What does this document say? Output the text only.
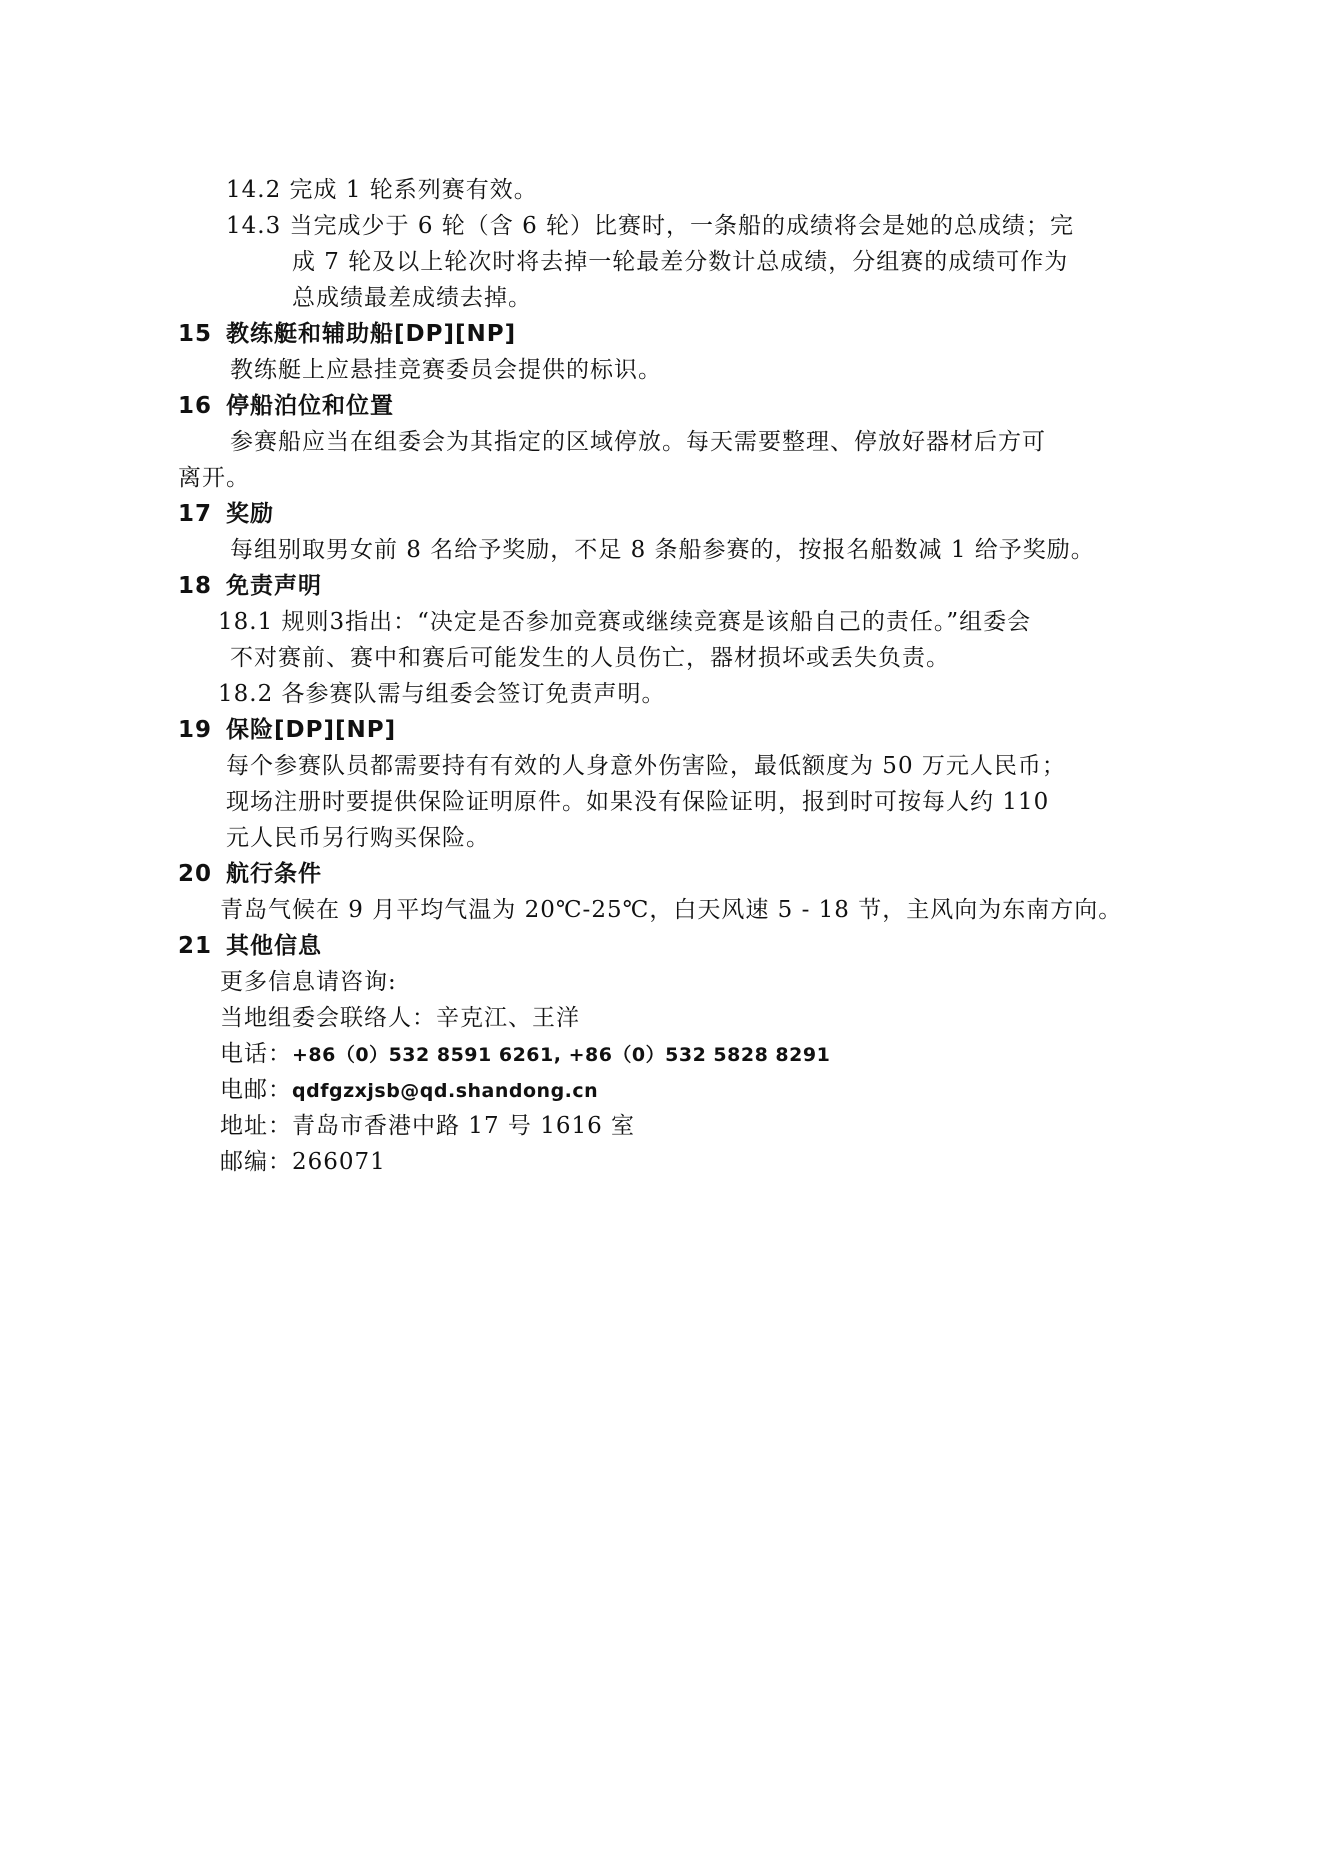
14.2 完成 1 轮系列赛有效。
14.3 当完成少于 6 轮（含 6 轮）比赛时，一条船的成绩将会是她的总成绩；完
成 7 轮及以上轮次时将去掉一轮最差分数计总成绩，分组赛的成绩可作为
总成绩最差成绩去掉。
15 教练艇和辅助船[DP][NP]
教练艇上应悬挂竞赛委员会提供的标识。
16 停船泊位和位置
参赛船应当在组委会为其指定的区域停放。每天需要整理、停放好器材后方可
离开。
17 奖励
每组别取男女前 8 名给予奖励，不足 8 条船参赛的，按报名船数减 1 给予奖励。
18 免责声明
18.1 规则3指出：“决定是否参加竞赛或继续竞赛是该船自己的责任。”组委会
不对赛前、赛中和赛后可能发生的人员伤亡，器材损坏或丢失负责。
18.2 各参赛队需与组委会签订免责声明。
19 保险[DP][NP]
每个参赛队员都需要持有有效的人身意外伤害险，最低额度为 50 万元人民币；
现场注册时要提供保险证明原件。如果没有保险证明，报到时可按每人约 110
元人民币另行购买保险。
20 航行条件
青岛气候在 9 月平均气温为 20℃-25℃，白天风速 5 - 18 节，主风向为东南方向。
21 其他信息
更多信息请咨询:
当地组委会联络人：辛克江、王洋
电话：+86（0）532 8591 6261, +86（0）532 5828 8291
电邮：qdfgzxjsb@qd.shandong.cn
地址：青岛市香港中路 17 号 1616 室
邮编：266071
